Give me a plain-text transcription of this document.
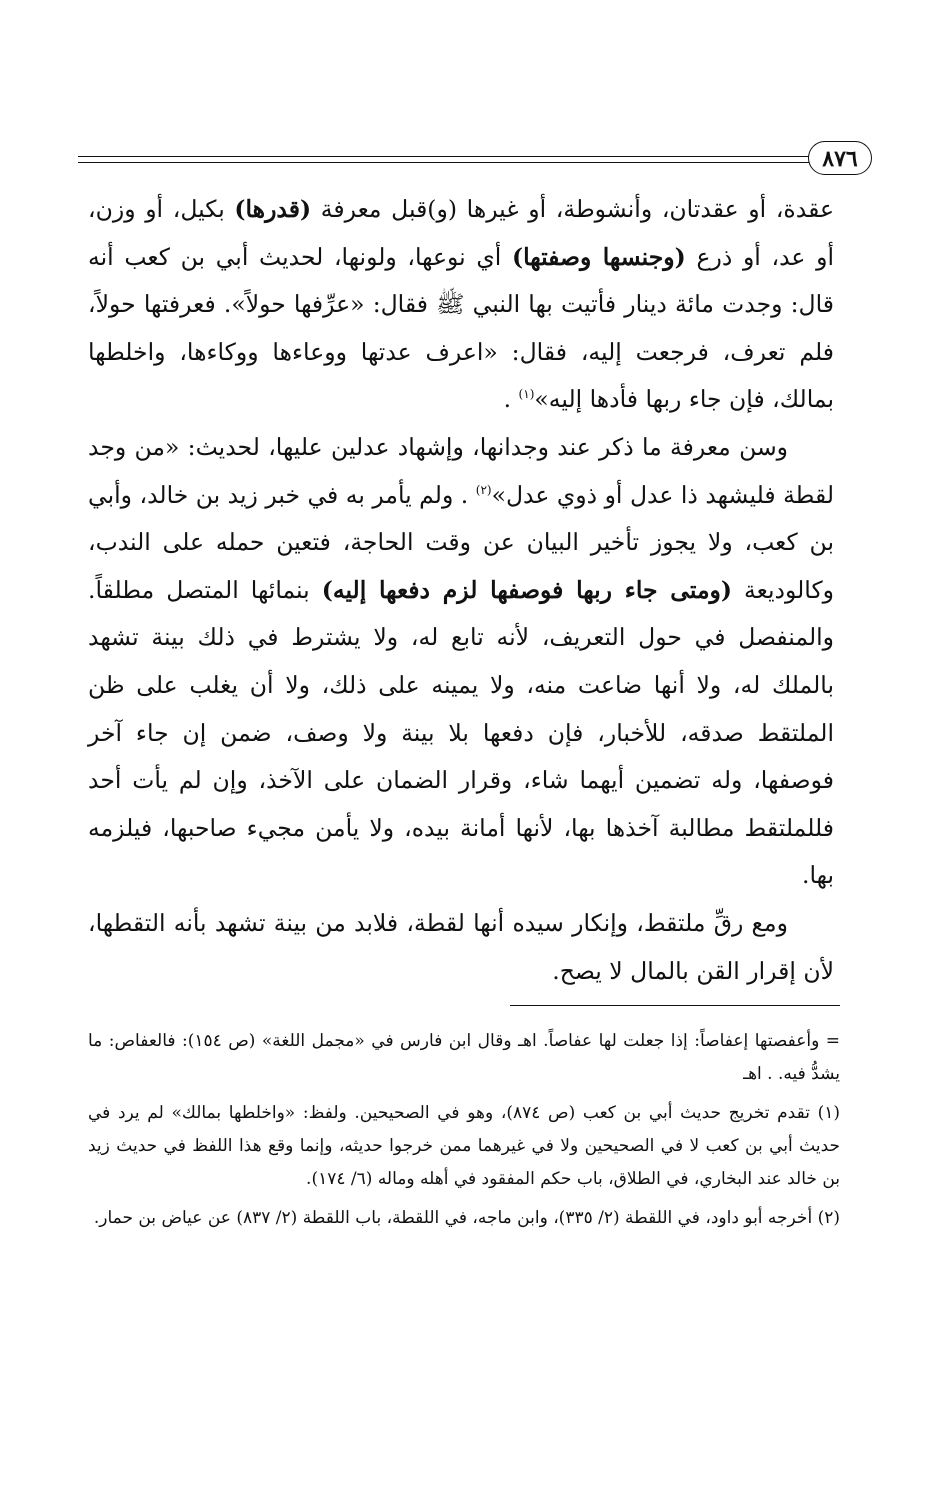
٨٧٦

عقدة، أو عقدتان، وأنشوطة، أو غيرها (و)قبل معرفة (قدرها) بكيل، أو وزن، أو عد، أو ذرع (وجنسها وصفتها) أي نوعها، ولونها، لحديث أبي بن كعب أنه قال: وجدت مائة دينار فأتيت بها النبي ﷺ فقال: «عرِّفها حولاً». فعرفتها حولاً، فلم تعرف، فرجعت إليه، فقال: «اعرف عدتها ووعاءها ووكاءها، واخلطها بمالك، فإن جاء ربها فأدها إليه»$^{(١)}$ .

وسن معرفة ما ذكر عند وجدانها، وإشهاد عدلين عليها، لحديث: «من وجد لقطة فليشهد ذا عدل أو ذوي عدل»$^{(٢)}$ . ولم يأمر به في خبر زيد بن خالد، وأبي بن كعب، ولا يجوز تأخير البيان عن وقت الحاجة، فتعين حمله على الندب، وكالوديعة (ومتى جاء ربها فوصفها لزم دفعها إليه) بنمائها المتصل مطلقاً. والمنفصل في حول التعريف، لأنه تابع له، ولا يشترط في ذلك بينة تشهد بالملك له، ولا أنها ضاعت منه، ولا يمينه على ذلك، ولا أن يغلب على ظن الملتقط صدقه، للأخبار، فإن دفعها بلا بينة ولا وصف، ضمن إن جاء آخر فوصفها، وله تضمين أيهما شاء، وقرار الضمان على الآخذ، وإن لم يأت أحد فللملتقط مطالبة آخذها بها، لأنها أمانة بيده، ولا يأمن مجيء صاحبها، فيلزمه بها.

ومع رقِّ ملتقط، وإنكار سيده أنها لقطة، فلابد من بينة تشهد بأنه التقطها، لأن إقرار القن بالمال لا يصح.

= وأعفصتها إعفاصاً: إذا جعلت لها عفاصاً. اهـ وقال ابن فارس في «مجمل اللغة» (ص ١٥٤): فالعفاص: ما يشدُّ فيه. . اهـ

(١) تقدم تخريج حديث أبي بن كعب (ص ٨٧٤)، وهو في الصحيحين. ولفظ: «واخلطها بمالك» لم يرد في حديث أبي بن كعب لا في الصحيحين ولا في غيرهما ممن خرجوا حديثه، وإنما وقع هذا اللفظ في حديث زيد بن خالد عند البخاري، في الطلاق، باب حكم المفقود في أهله وماله (٦/ ١٧٤).

(٢) أخرجه أبو داود، في اللقطة (٢/ ٣٣٥)، وابن ماجه، في اللقطة، باب اللقطة (٢/ ٨٣٧) عن عياض بن حمار.
